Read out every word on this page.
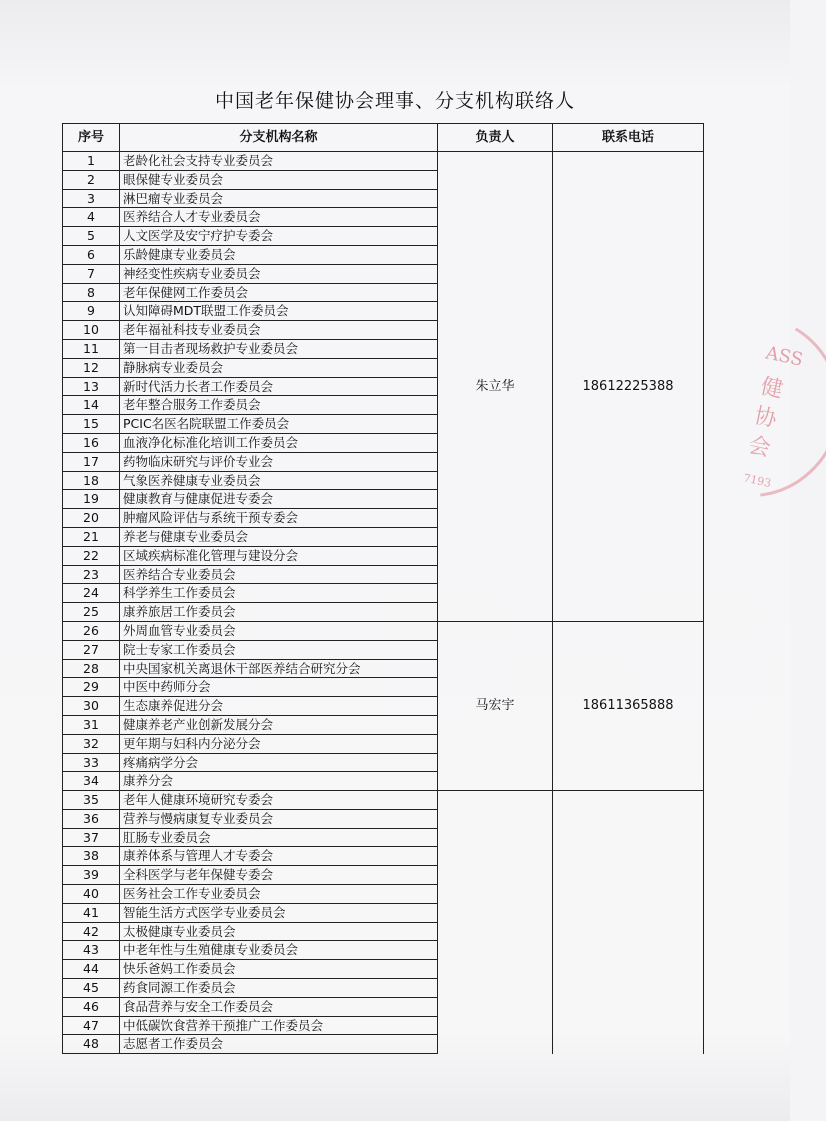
中国老年保健协会理事、分支机构联络人
序号	分支机构名称	负责人	联系电话
1	老龄化社会支持专业委员会	朱立华	18612225388
2	眼保健专业委员会		
3	淋巴瘤专业委员会		
4	医养结合人才专业委员会		
5	人文医学及安宁疗护专委会		
6	乐龄健康专业委员会		
7	神经变性疾病专业委员会		
8	老年保健网工作委员会		
9	认知障碍MDT联盟工作委员会		
10	老年福祉科技专业委员会		
11	第一目击者现场救护专业委员会		
12	静脉病专业委员会		
13	新时代活力长者工作委员会		
14	老年整合服务工作委员会		
15	PCIC名医名院联盟工作委员会		
16	血液净化标准化培训工作委员会		
17	药物临床研究与评价专业会		
18	气象医养健康专业委员会		
19	健康教育与健康促进专委会		
20	肿瘤风险评估与系统干预专委会		
21	养老与健康专业委员会		
22	区域疾病标准化管理与建设分会		
23	医养结合专业委员会		
24	科学养生工作委员会		
25	康养旅居工作委员会		
26	外周血管专业委员会	马宏宇	18611365888
27	院士专家工作委员会		
28	中央国家机关离退休干部医养结合研究分会		
29	中医中药师分会		
30	生态康养促进分会		
31	健康养老产业创新发展分会		
32	更年期与妇科内分泌分会		
33	疼痛病学分会		
34	康养分会		
35	老年人健康环境研究专委会		
36	营养与慢病康复专业委员会		
37	肛肠专业委员会		
38	康养体系与管理人才专委会		
39	全科医学与老年保健专委会		
40	医务社会工作专业委员会		
41	智能生活方式医学专业委员会		
42	太极健康专业委员会		
43	中老年性与生殖健康专业委员会		
44	快乐爸妈工作委员会		
45	药食同源工作委员会		
46	食品营养与安全工作委员会		
47	中低碳饮食营养干预推广工作委员会		
48	志愿者工作委员会		
ASS
健
协
会
7193
